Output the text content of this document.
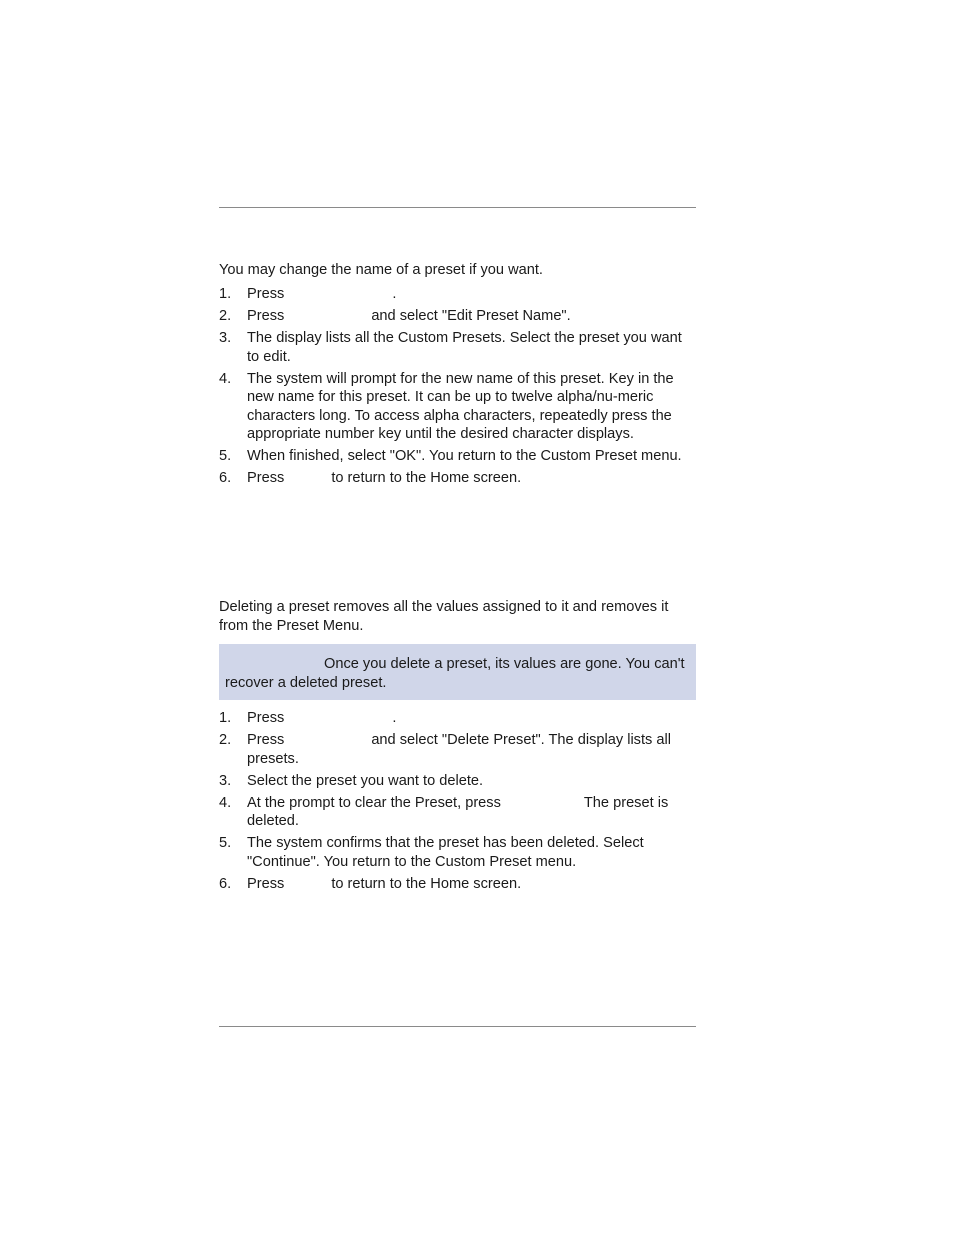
You may change the name of a preset if you want.
1. Press	.
2. Press	and select "Edit Preset Name".
3. The display lists all the Custom Presets. Select the preset you want to edit.
4. The system will prompt for the new name of this preset. Key in the new name for this preset. It can be up to twelve alpha/nu-meric characters long. To access alpha characters, repeatedly press the appropriate number key until the desired character displays.
5. When finished, select "OK". You return to the Custom Preset menu.
6. Press	to return to the Home screen.
Deleting a preset removes all the values assigned to it and removes it from the Preset Menu.
Once you delete a preset, its values are gone. You can't recover a deleted preset.
1. Press	.
2. Press	and select "Delete Preset". The display lists all presets.
3. Select the preset you want to delete.
4. At the prompt to clear the Preset, press	The preset is deleted.
5. The system confirms that the preset has been deleted. Select "Continue". You return to the Custom Preset menu.
6. Press	to return to the Home screen.
